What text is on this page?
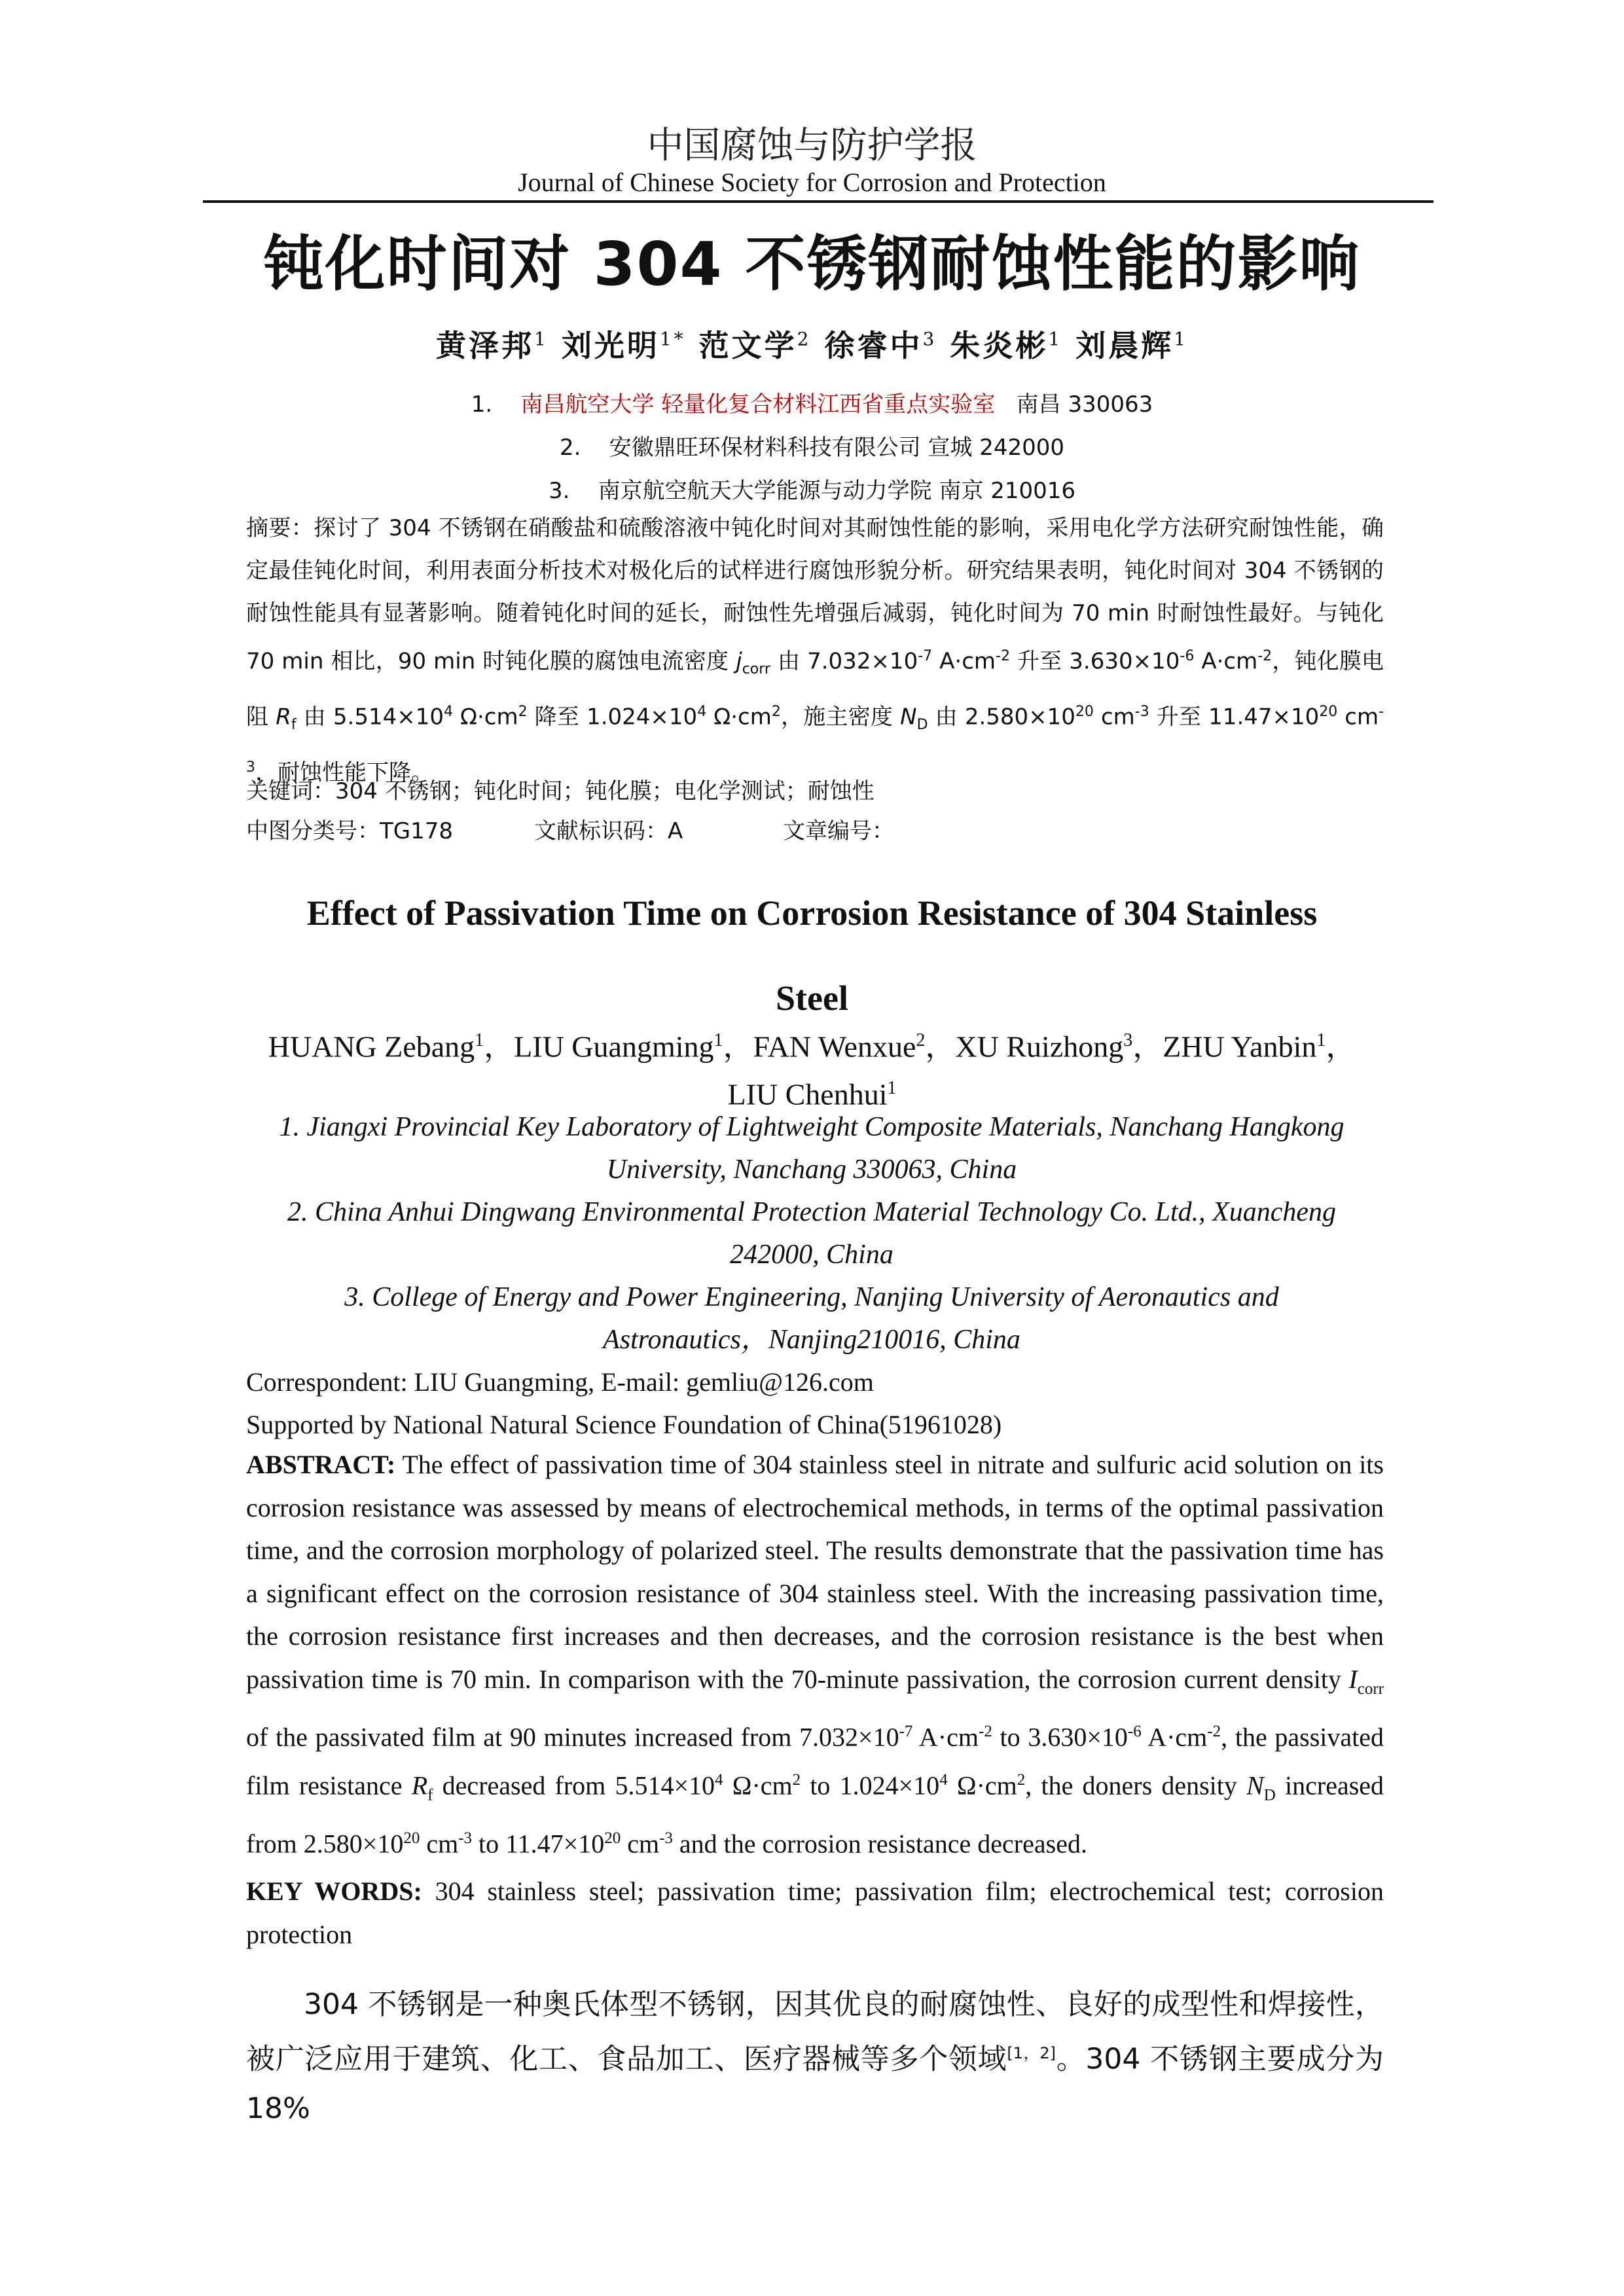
中国腐蚀与防护学报
Journal of Chinese Society for Corrosion and Protection
钝化时间对 304 不锈钢耐蚀性能的影响
黄泽邦$^1$ 刘光明$^{1*}$ 范文学$^2$ 徐睿中$^3$ 朱炎彬$^1$ 刘晨辉$^1$
1. 南昌航空大学 轻量化复合材料江西省重点实验室 南昌 330063
2. 安徽鼎旺环保材料科技有限公司 宣城 242000
3. 南京航空航天大学能源与动力学院 南京 210016
摘要：探讨了 304 不锈钢在硝酸盐和硫酸溶液中钝化时间对其耐蚀性能的影响，采用电化学方法研究耐蚀性能，确定最佳钝化时间，利用表面分析技术对极化后的试样进行腐蚀形貌分析。研究结果表明，钝化时间对 304 不锈钢的耐蚀性能具有显著影响。随着钝化时间的延长，耐蚀性先增强后减弱，钝化时间为 70 min 时耐蚀性最好。与钝化 70 min 相比，90 min 时钝化膜的腐蚀电流密度 $j_{corr}$ 由 $7.032\times 10^{-7}$ $A\cdot cm^{-2}$ 升至 $3.630\times 10^{-6}$ $A\cdot cm^{-2}$，钝化膜电阻 $R_f$ 由 $5.514\times 10^4$ $\Omega\cdot cm^2$ 降至 $1.024\times 10^4$ $\Omega\cdot cm^2$，施主密度 $N_D$ 由 $2.580\times 10^{20}$ $cm^{-3}$ 升至 $11.47\times 10^{20}$ $cm^{-3}$，耐蚀性能下降。
关键词：304 不锈钢；钝化时间；钝化膜；电化学测试；耐蚀性
中图分类号：TG178	文献标识码：A	文章编号：
Effect of Passivation Time on Corrosion Resistance of 304 Stainless
Steel
HUANG Zebang$^1$，LIU Guangming$^1$，FAN Wenxue$^2$，XU Ruizhong$^3$，ZHU Yanbin$^1$，
LIU Chenhui$^1$
1. Jiangxi Provincial Key Laboratory of Lightweight Composite Materials, Nanchang Hangkong
University, Nanchang 330063, China
2. China Anhui Dingwang Environmental Protection Material Technology Co. Ltd., Xuancheng
242000, China
3. College of Energy and Power Engineering, Nanjing University of Aeronautics and
Astronautics，Nanjing210016, China
Correspondent: LIU Guangming, E-mail: gemliu@126.com
Supported by National Natural Science Foundation of China(51961028)
ABSTRACT: The effect of passivation time of 304 stainless steel in nitrate and sulfuric acid solution on its corrosion resistance was assessed by means of electrochemical methods, in terms of the optimal passivation time, and the corrosion morphology of polarized steel. The results demonstrate that the passivation time has a significant effect on the corrosion resistance of 304 stainless steel. With the increasing passivation time, the corrosion resistance first increases and then decreases, and the corrosion resistance is the best when passivation time is 70 min. In comparison with the 70-minute passivation, the corrosion current density $I_{corr}$ of the passivated film at 90 minutes increased from $7.032\times 10^{-7}$ $A\cdot cm^{-2}$ to $3.630\times 10^{-6}$ $A\cdot cm^{-2}$, the passivated film resistance $R_f$ decreased from $5.514\times 10^4$ $\Omega\cdot cm^2$ to $1.024\times 10^4$ $\Omega\cdot cm^2$, the doners density $N_D$ increased from $2.580\times 10^{20}$ $cm^{-3}$ to $11.47\times 10^{20}$ $cm^{-3}$ and the corrosion resistance decreased.
KEY WORDS: 304 stainless steel; passivation time; passivation film; electrochemical test; corrosion protection
304 不锈钢是一种奥氏体型不锈钢，因其优良的耐腐蚀性、良好的成型性和焊接性，被广泛应用于建筑、化工、食品加工、医疗器械等多个领域[1，2]。304 不锈钢主要成分为 18%
